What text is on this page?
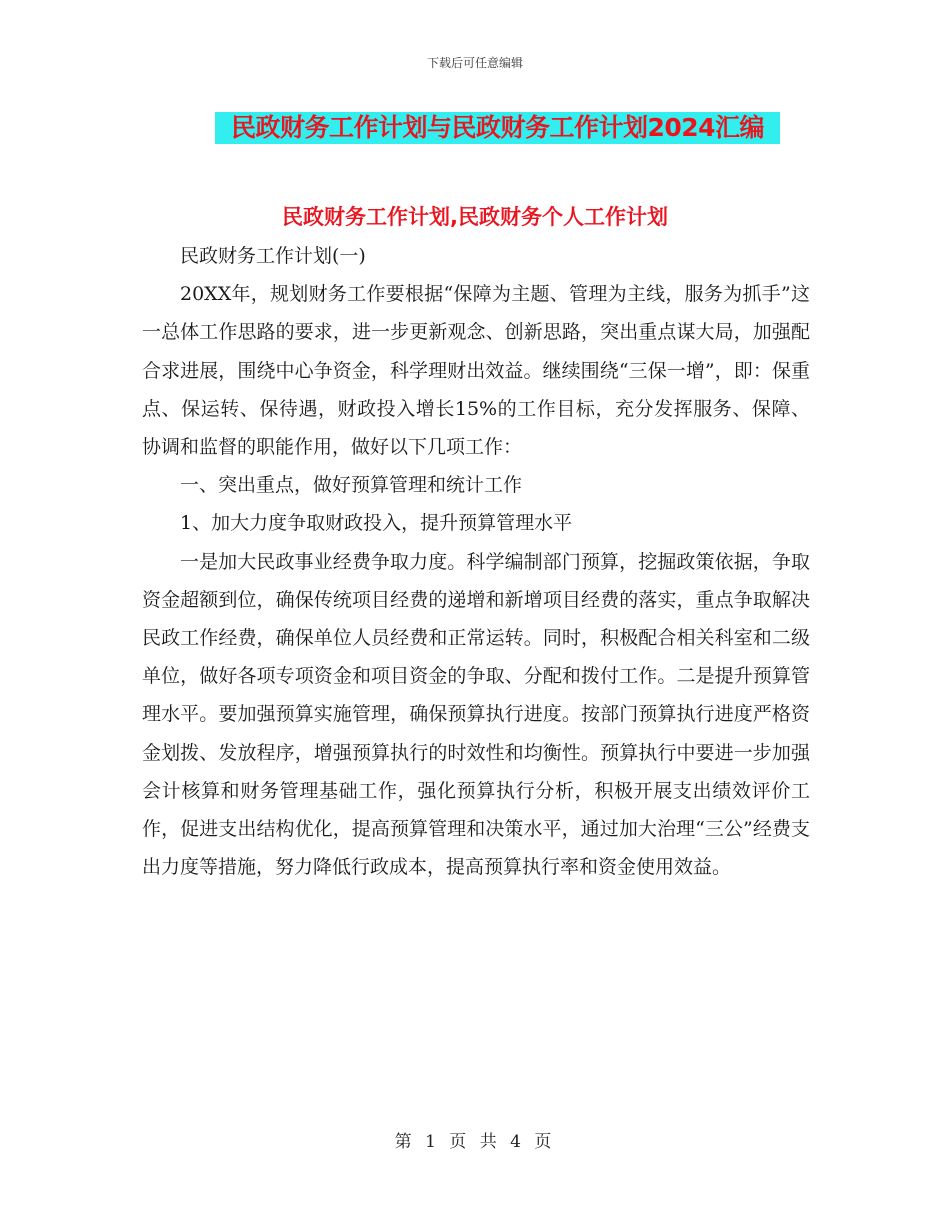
下载后可任意编辑
民政财务工作计划与民政财务工作计划2024汇编
民政财务工作计划,民政财务个人工作计划

民政财务工作计划(一)

20XX年，规划财务工作要根据“保障为主题、管理为主线，服务为抓手”这一总体工作思路的要求，进一步更新观念、创新思路，突出重点谋大局，加强配合求进展，围绕中心争资金，科学理财出效益。继续围绕“三保一增”，即：保重点、保运转、保待遇，财政投入增长15%的工作目标，充分发挥服务、保障、协调和监督的职能作用，做好以下几项工作：

一、突出重点，做好预算管理和统计工作

1、加大力度争取财政投入，提升预算管理水平

一是加大民政事业经费争取力度。科学编制部门预算，挖掘政策依据，争取资金超额到位，确保传统项目经费的递增和新增项目经费的落实，重点争取解决民政工作经费，确保单位人员经费和正常运转。同时，积极配合相关科室和二级单位，做好各项专项资金和项目资金的争取、分配和拨付工作。二是提升预算管理水平。要加强预算实施管理，确保预算执行进度。按部门预算执行进度严格资金划拨、发放程序，增强预算执行的时效性和均衡性。预算执行中要进一步加强会计核算和财务管理基础工作，强化预算执行分析，积极开展支出绩效评价工作，促进支出结构优化，提高预算管理和决策水平，通过加大治理“三公”经费支出力度等措施，努力降低行政成本，提高预算执行率和资金使用效益。

第 1 页 共 4 页
